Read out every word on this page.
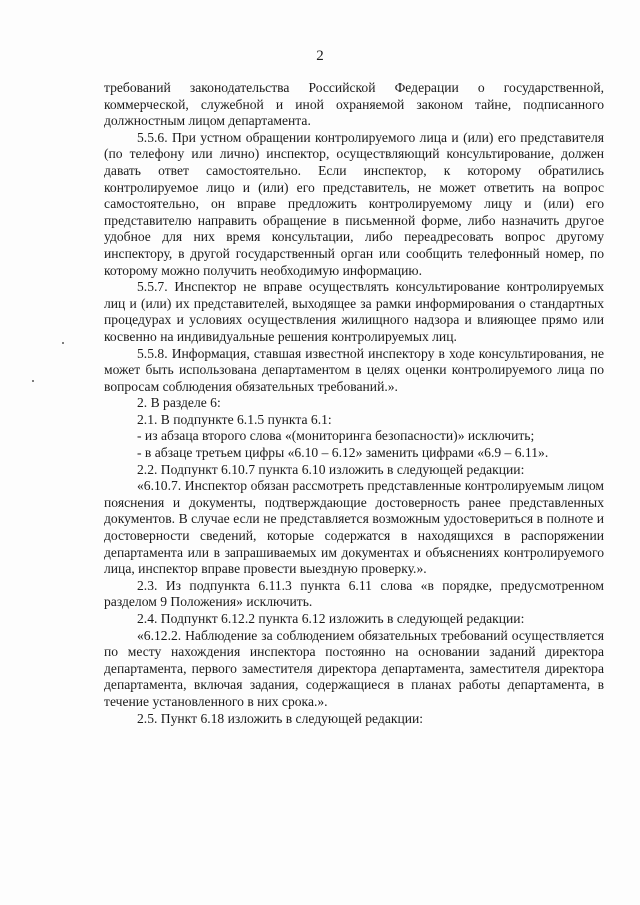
2

требований законодательства Российской Федерации о государственной, коммерческой, служебной и иной охраняемой законом тайне, подписанного должностным лицом департамента.

5.5.6. При устном обращении контролируемого лица и (или) его представителя (по телефону или лично) инспектор, осуществляющий консультирование, должен давать ответ самостоятельно. Если инспектор, к которому обратились контролируемое лицо и (или) его представитель, не может ответить на вопрос самостоятельно, он вправе предложить контролируемому лицу и (или) его представителю направить обращение в письменной форме, либо назначить другое удобное для них время консультации, либо переадресовать вопрос другому инспектору, в другой государственный орган или сообщить телефонный номер, по которому можно получить необходимую информацию.

5.5.7. Инспектор не вправе осуществлять консультирование контролируемых лиц и (или) их представителей, выходящее за рамки информирования о стандартных процедурах и условиях осуществления жилищного надзора и влияющее прямо или косвенно на индивидуальные решения контролируемых лиц.

5.5.8. Информация, ставшая известной инспектору в ходе консультирования, не может быть использована департаментом в целях оценки контролируемого лица по вопросам соблюдения обязательных требований.».

2. В разделе 6:

2.1. В подпункте 6.1.5 пункта 6.1:

- из абзаца второго слова «(мониторинга безопасности)» исключить;

- в абзаце третьем цифры «6.10 – 6.12» заменить цифрами «6.9 – 6.11».

2.2. Подпункт 6.10.7 пункта 6.10 изложить в следующей редакции:

«6.10.7. Инспектор обязан рассмотреть представленные контролируемым лицом пояснения и документы, подтверждающие достоверность ранее представленных документов. В случае если не представляется возможным удостовериться в полноте и достоверности сведений, которые содержатся в находящихся в распоряжении департамента или в запрашиваемых им документах и объяснениях контролируемого лица, инспектор вправе провести выездную проверку.».

2.3. Из подпункта 6.11.3 пункта 6.11 слова «в порядке, предусмотренном разделом 9 Положения» исключить.

2.4. Подпункт 6.12.2 пункта 6.12 изложить в следующей редакции:

«6.12.2. Наблюдение за соблюдением обязательных требований осуществляется по месту нахождения инспектора постоянно на основании заданий директора департамента, первого заместителя директора департамента, заместителя директора департамента, включая задания, содержащиеся в планах работы департамента, в течение установленного в них срока.».

2.5. Пункт 6.18 изложить в следующей редакции:
